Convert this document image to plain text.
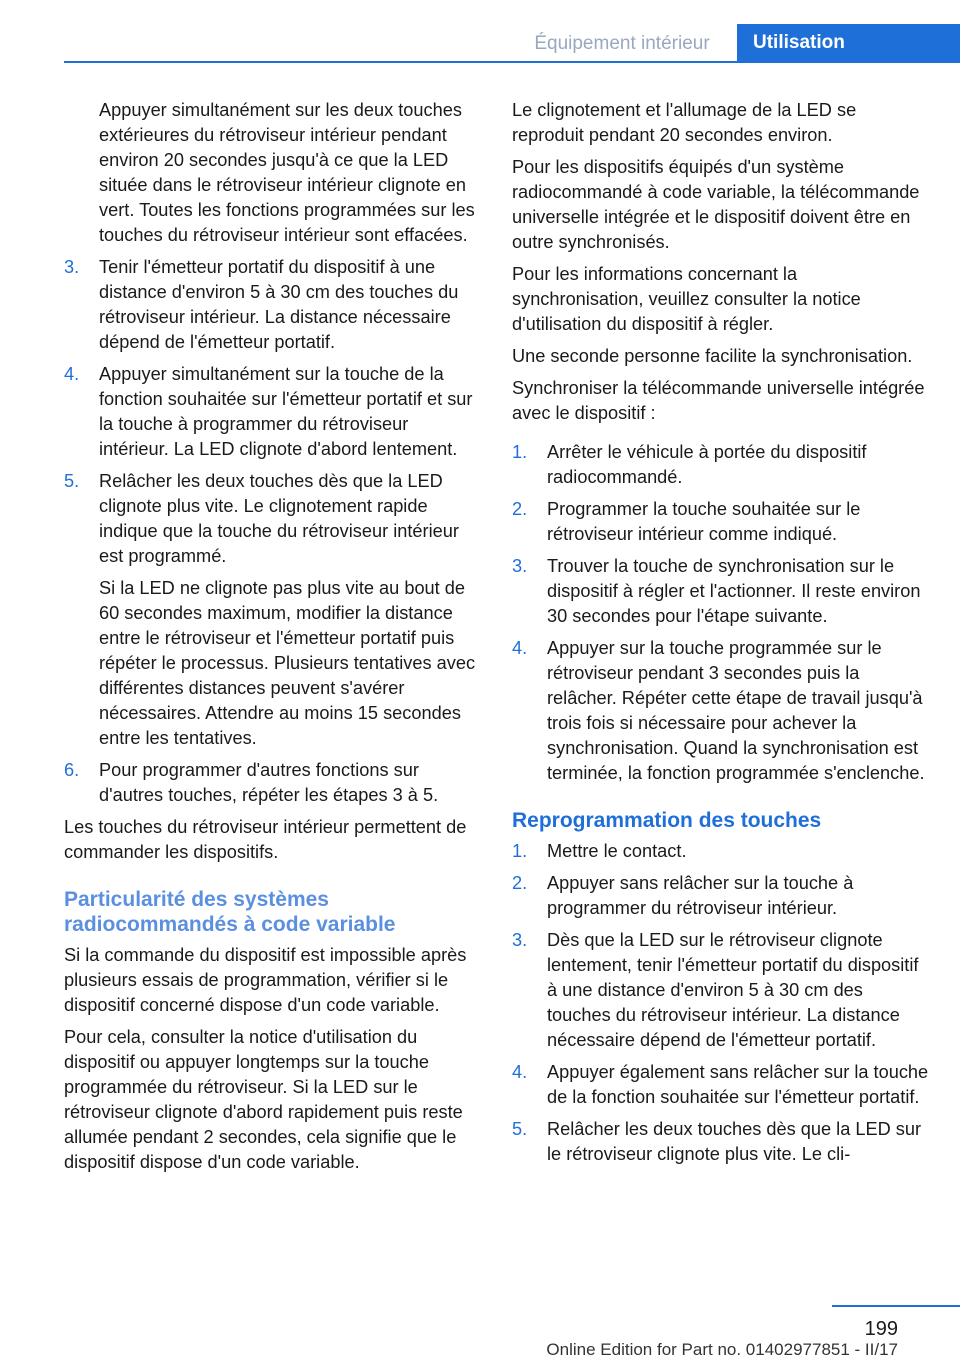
Équipement intérieur	Utilisation

Appuyer simultanément sur les deux touches extérieures du rétroviseur intérieur pendant environ 20 secondes jusqu'à ce que la LED située dans le rétroviseur intérieur clignote en vert. Toutes les fonctions programmées sur les touches du rétroviseur intérieur sont effacées.

3. Tenir l'émetteur portatif du dispositif à une distance d'environ 5 à 30 cm des touches du rétroviseur intérieur. La distance nécessaire dépend de l'émetteur portatif.

4. Appuyer simultanément sur la touche de la fonction souhaitée sur l'émetteur portatif et sur la touche à programmer du rétroviseur intérieur. La LED clignote d'abord lentement.

5. Relâcher les deux touches dès que la LED clignote plus vite. Le clignotement rapide indique que la touche du rétroviseur intérieur est programmé.

Si la LED ne clignote pas plus vite au bout de 60 secondes maximum, modifier la distance entre le rétroviseur et l'émetteur portatif puis répéter le processus. Plusieurs tentatives avec différentes distances peuvent s'avérer nécessaires. Attendre au moins 15 secondes entre les tentatives.

6. Pour programmer d'autres fonctions sur d'autres touches, répéter les étapes 3 à 5.

Les touches du rétroviseur intérieur permettent de commander les dispositifs.

Particularité des systèmes radiocommandés à code variable

Si la commande du dispositif est impossible après plusieurs essais de programmation, vérifier si le dispositif concerné dispose d'un code variable.

Pour cela, consulter la notice d'utilisation du dispositif ou appuyer longtemps sur la touche programmée du rétroviseur. Si la LED sur le rétroviseur clignote d'abord rapidement puis reste allumée pendant 2 secondes, cela signifie que le dispositif dispose d'un code variable.

Le clignotement et l'allumage de la LED se reproduit pendant 20 secondes environ.

Pour les dispositifs équipés d'un système radiocommandé à code variable, la télécommande universelle intégrée et le dispositif doivent être en outre synchronisés.

Pour les informations concernant la synchronisation, veuillez consulter la notice d'utilisation du dispositif à régler.

Une seconde personne facilite la synchronisation.

Synchroniser la télécommande universelle intégrée avec le dispositif :

1. Arrêter le véhicule à portée du dispositif radiocommandé.

2. Programmer la touche souhaitée sur le rétroviseur intérieur comme indiqué.

3. Trouver la touche de synchronisation sur le dispositif à régler et l'actionner. Il reste environ 30 secondes pour l'étape suivante.

4. Appuyer sur la touche programmée sur le rétroviseur pendant 3 secondes puis la relâcher. Répéter cette étape de travail jusqu'à trois fois si nécessaire pour achever la synchronisation. Quand la synchronisation est terminée, la fonction programmée s'enclenche.

Reprogrammation des touches
1. Mettre le contact.

2. Appuyer sans relâcher sur la touche à programmer du rétroviseur intérieur.

3. Dès que la LED sur le rétroviseur clignote lentement, tenir l'émetteur portatif du dispositif à une distance d'environ 5 à 30 cm des touches du rétroviseur intérieur. La distance nécessaire dépend de l'émetteur portatif.

4. Appuyer également sans relâcher sur la touche de la fonction souhaitée sur l'émetteur portatif.

5. Relâcher les deux touches dès que la LED sur le rétroviseur clignote plus vite. Le cli-

199
Online Edition for Part no. 01402977851 - II/17
